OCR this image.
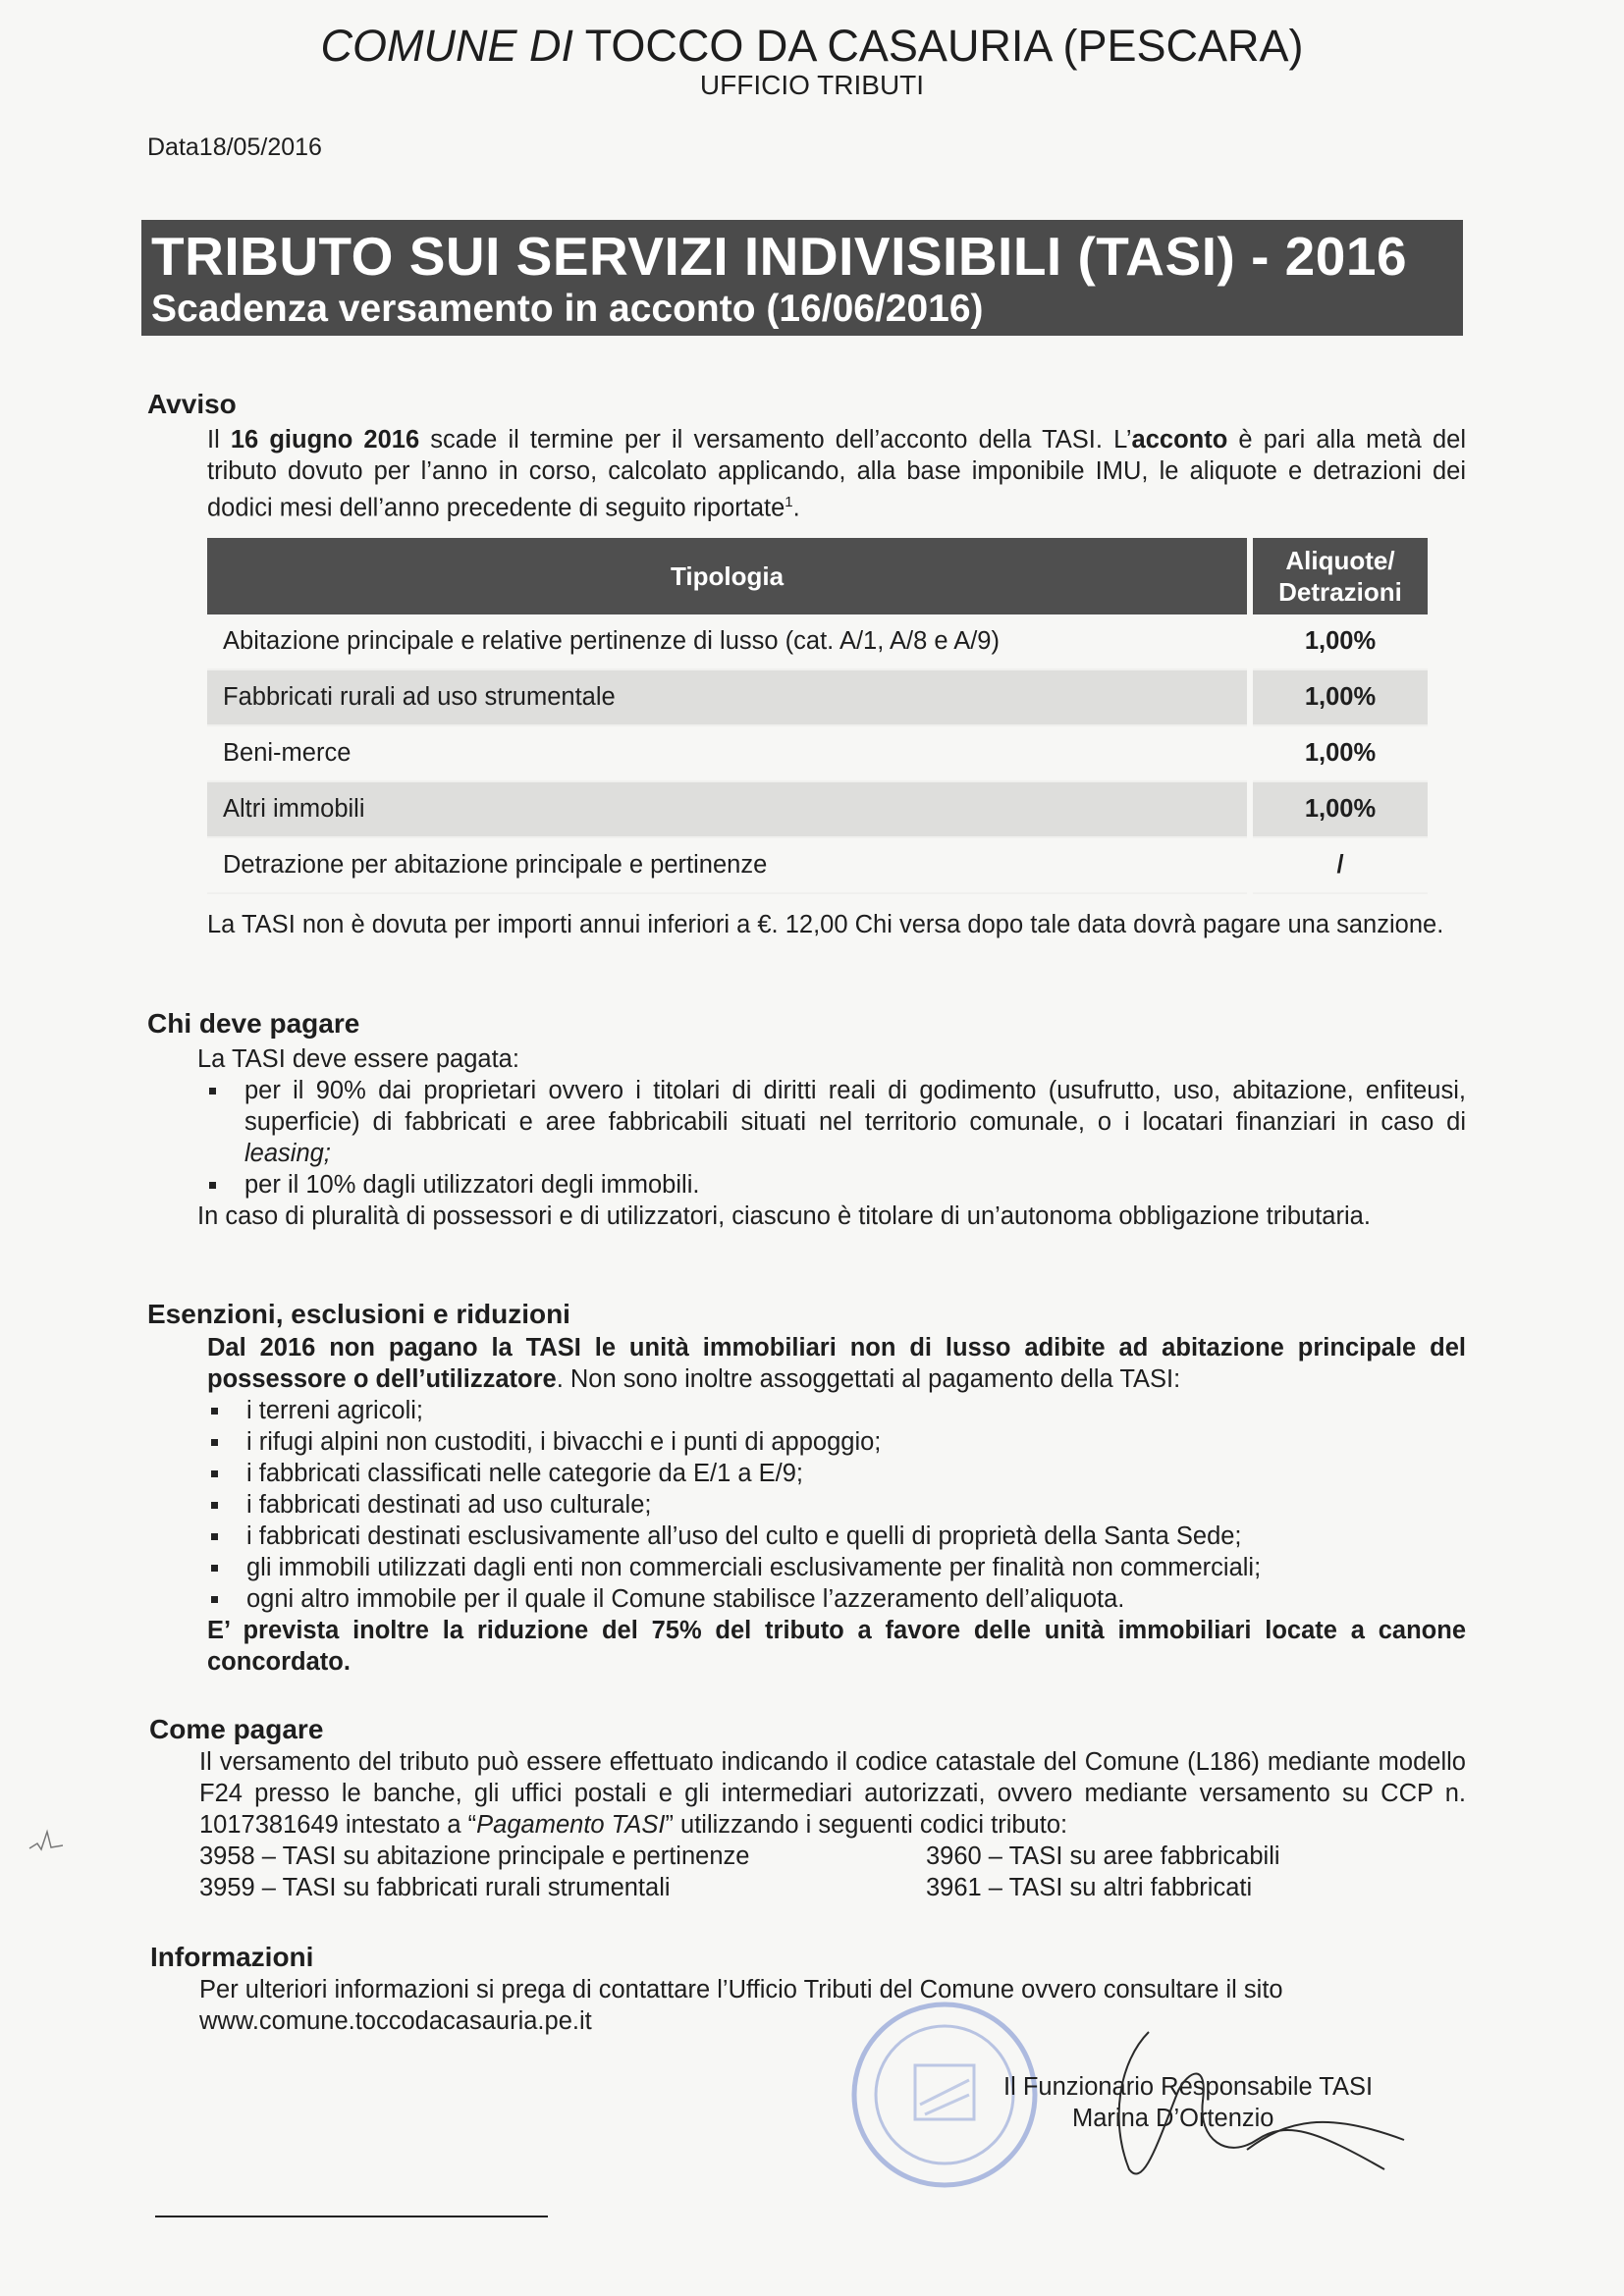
COMUNE DI TOCCO DA CASAURIA (PESCARA)
UFFICIO TRIBUTI
Data18/05/2016
TRIBUTO SUI SERVIZI INDIVISIBILI (TASI) - 2016
Scadenza versamento in acconto (16/06/2016)
Avviso
Il 16 giugno 2016 scade il termine per il versamento dell’acconto della TASI. L’acconto è pari alla metà del tributo dovuto per l’anno in corso, calcolato applicando, alla base imponibile IMU, le aliquote e detrazioni dei dodici mesi dell’anno precedente di seguito riportate$^1$.
Tipologia	Aliquote/ Detrazioni
Abitazione principale e relative pertinenze di lusso (cat. A/1, A/8 e A/9)	1,00%
Fabbricati rurali ad uso strumentale	1,00%
Beni-merce	1,00%
Altri immobili	1,00%
Detrazione per abitazione principale e pertinenze	/
La TASI non è dovuta per importi annui inferiori a €. 12,00 Chi versa dopo tale data dovrà pagare una sanzione.
Chi deve pagare
La TASI deve essere pagata:
per il 90% dai proprietari ovvero i titolari di diritti reali di godimento (usufrutto, uso, abitazione, enfiteusi, superficie) di fabbricati e aree fabbricabili situati nel territorio comunale, o i locatari finanziari in caso di leasing;
per il 10% dagli utilizzatori degli immobili.
In caso di pluralità di possessori e di utilizzatori, ciascuno è titolare di un’autonoma obbligazione tributaria.
Esenzioni, esclusioni e riduzioni
Dal 2016 non pagano la TASI le unità immobiliari non di lusso adibite ad abitazione principale del possessore o dell’utilizzatore. Non sono inoltre assoggettati al pagamento della TASI:
i terreni agricoli;
i rifugi alpini non custoditi, i bivacchi e i punti di appoggio;
i fabbricati classificati nelle categorie da E/1 a E/9;
i fabbricati destinati ad uso culturale;
i fabbricati destinati esclusivamente all’uso del culto e quelli di proprietà della Santa Sede;
gli immobili utilizzati dagli enti non commerciali esclusivamente per finalità non commerciali;
ogni altro immobile per il quale il Comune stabilisce l’azzeramento dell’aliquota.
E’ prevista inoltre la riduzione del 75% del tributo a favore delle unità immobiliari locate a canone concordato.
Come pagare
Il versamento del tributo può essere effettuato indicando il codice catastale del Comune (L186) mediante modello F24 presso le banche, gli uffici postali e gli intermediari autorizzati, ovvero mediante versamento su CCP n. 1017381649 intestato a “Pagamento TASI” utilizzando i seguenti codici tributo:
3958 – TASI su abitazione principale e pertinenze	3960 – TASI su aree fabbricabili
3959 – TASI su fabbricati rurali strumentali	3961 – TASI su altri fabbricati
Informazioni
Per ulteriori informazioni si prega di contattare l’Ufficio Tributi del Comune ovvero consultare il sito
www.comune.toccodacasauria.pe.it
Il Funzionario Responsabile TASI
Marina D’Ortenzio
